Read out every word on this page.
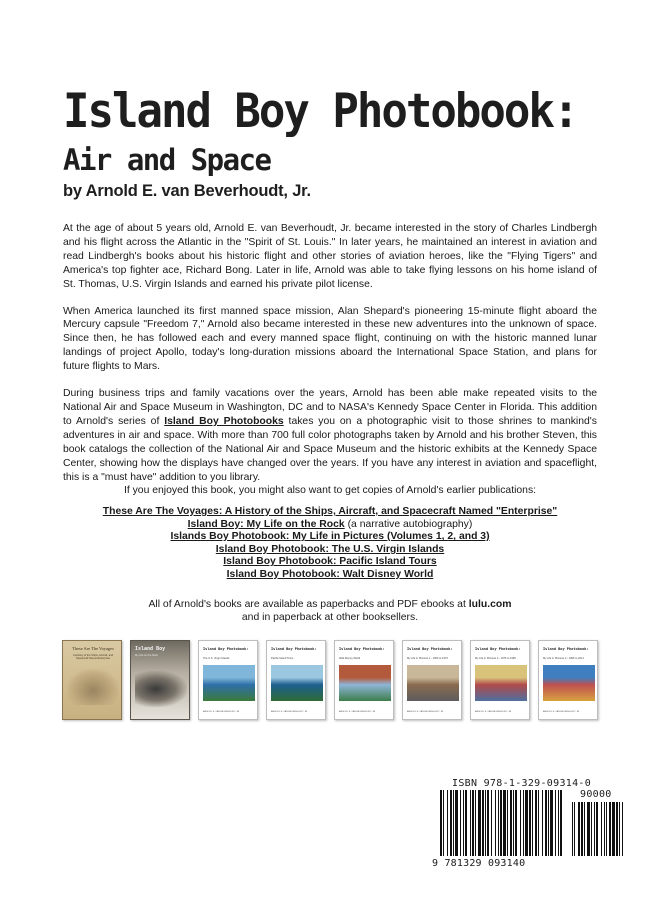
Island Boy Photobook:
Air and Space
by Arnold E. van Beverhoudt, Jr.

At the age of about 5 years old, Arnold E. van Beverhoudt, Jr. became interested in the story of Charles Lindbergh and his flight across the Atlantic in the "Spirit of St. Louis." In later years, he maintained an interest in aviation and read Lindbergh's books about his historic flight and other stories of aviation heroes, like the "Flying Tigers" and America's top fighter ace, Richard Bong. Later in life, Arnold was able to take flying lessons on his home island of St. Thomas, U.S. Virgin Islands and earned his private pilot license.

When America launched its first manned space mission, Alan Shepard's pioneering 15-minute flight aboard the Mercury capsule "Freedom 7," Arnold also became interested in these new adventures into the unknown of space. Since then, he has followed each and every manned space flight, continuing on with the historic manned lunar landings of project Apollo, today's long-duration missions aboard the International Space Station, and plans for future flights to Mars.

During business trips and family vacations over the years, Arnold has been able make repeated visits to the National Air and Space Museum in Washington, DC and to NASA's Kennedy Space Center in Florida. This addition to Arnold's series of Island Boy Photobooks takes you on a photographic visit to those shrines to mankind's adventures in air and space. With more than 700 full color photographs taken by Arnold and his brother Steven, this book catalogs the collection of the National Air and Space Museum and the historic exhibits at the Kennedy Space Center, showing how the displays have changed over the years. If you have any interest in aviation and spaceflight, this is a "must have" addition to you library.

If you enjoyed this book, you might also want to get copies of Arnold's earlier publications:
These Are The Voyages: A History of the Ships, Aircraft, and Spacecraft Named "Enterprise"
Island Boy: My Life on the Rock (a narrative autobiography)
Islands Boy Photobook: My Life in Pictures (Volumes 1, 2, and 3)
Island Boy Photobook: The U.S. Virgin Islands
Island Boy Photobook: Pacific Island Tours
Island Boy Photobook: Walt Disney World
All of Arnold's books are available as paperbacks and PDF ebooks at lulu.com
and in paperback at other booksellers.
These Are The Voyages
A History of the Ships, Aircraft, and Spacecraft Named Enterprise
Island Boy
My Life on the Rock
Island Boy Photobook:
The U.S. Virgin Islands
ARNOLD E. VAN BEVERHOUDT, JR.
Island Boy Photobook:
Pacific Island Tours
ARNOLD E. VAN BEVERHOUDT, JR.
Island Boy Photobook:
Walt Disney World
ARNOLD E. VAN BEVERHOUDT, JR.
Island Boy Photobook:
My Life in Pictures 1 - 1950 to 1976
ARNOLD E. VAN BEVERHOUDT, JR.
Island Boy Photobook:
My Life in Pictures 2 - 1976 to 1995
ARNOLD E. VAN BEVERHOUDT, JR.
Island Boy Photobook:
My Life in Pictures 3 - 1995 to 2014
ARNOLD E. VAN BEVERHOUDT, JR.
ISBN 978-1-329-09314-0
90000
9 781329 093140
